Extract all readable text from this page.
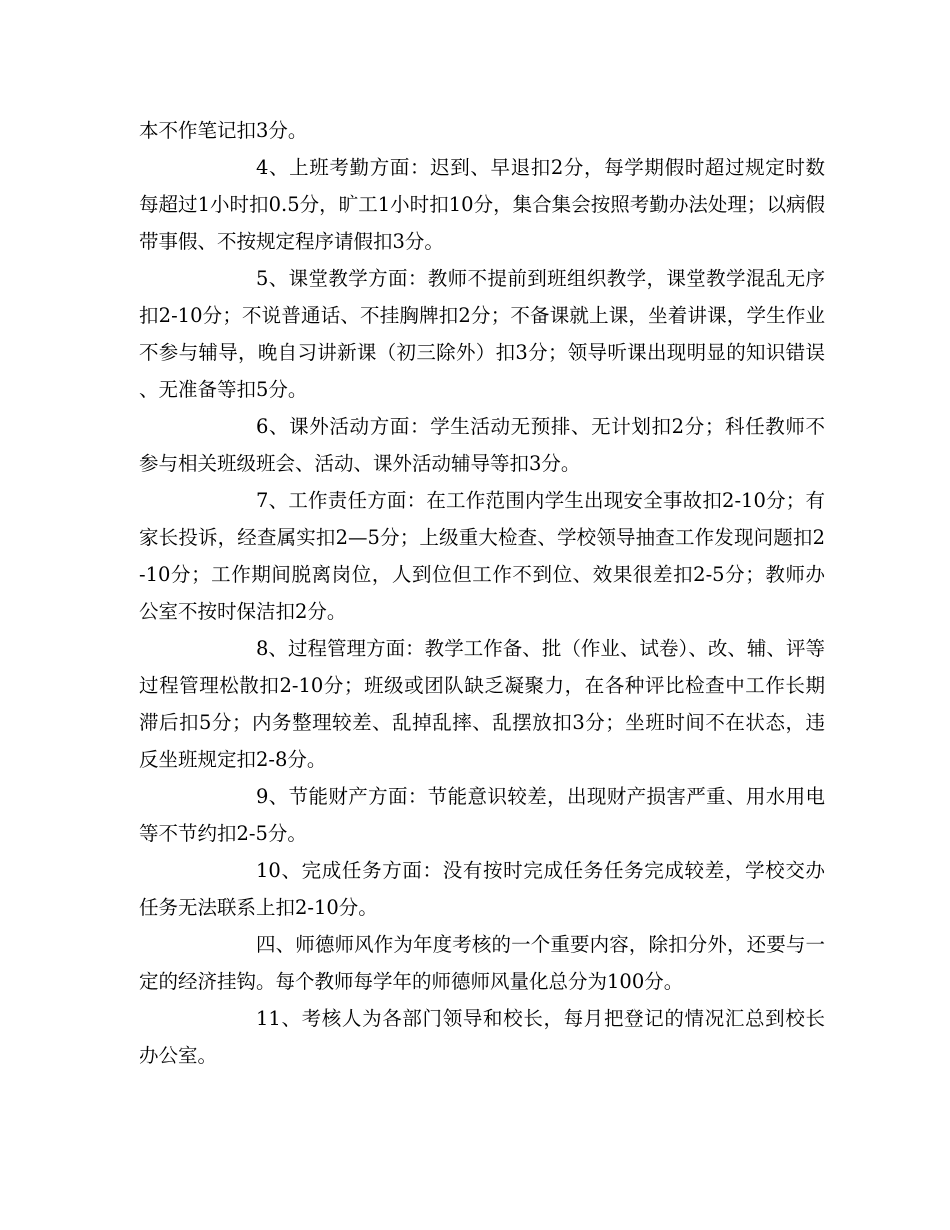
本不作笔记扣3分。

4、上班考勤方面：迟到、早退扣2分，每学期假时超过规定时数每超过1小时扣0.5分，旷工1小时扣10分，集合集会按照考勤办法处理；以病假带事假、不按规定程序请假扣3分。

5、课堂教学方面：教师不提前到班组织教学，课堂教学混乱无序扣2-10分；不说普通话、不挂胸牌扣2分；不备课就上课，坐着讲课，学生作业不参与辅导，晚自习讲新课（初三除外）扣3分；领导听课出现明显的知识错误、无准备等扣5分。

6、课外活动方面：学生活动无预排、无计划扣2分；科任教师不参与相关班级班会、活动、课外活动辅导等扣3分。

7、工作责任方面：在工作范围内学生出现安全事故扣2-10分；有家长投诉，经查属实扣2—5分；上级重大检查、学校领导抽查工作发现问题扣2-10分；工作期间脱离岗位，人到位但工作不到位、效果很差扣2-5分；教师办公室不按时保洁扣2分。

8、过程管理方面：教学工作备、批（作业、试卷）、改、辅、评等过程管理松散扣2-10分；班级或团队缺乏凝聚力，在各种评比检查中工作长期滞后扣5分；内务整理较差、乱掉乱摔、乱摆放扣3分；坐班时间不在状态，违反坐班规定扣2-8分。

9、节能财产方面：节能意识较差，出现财产损害严重、用水用电等不节约扣2-5分。

10、完成任务方面：没有按时完成任务任务完成较差，学校交办任务无法联系上扣2-10分。

四、师德师风作为年度考核的一个重要内容，除扣分外，还要与一定的经济挂钩。每个教师每学年的师德师风量化总分为100分。

11、考核人为各部门领导和校长，每月把登记的情况汇总到校长办公室。
